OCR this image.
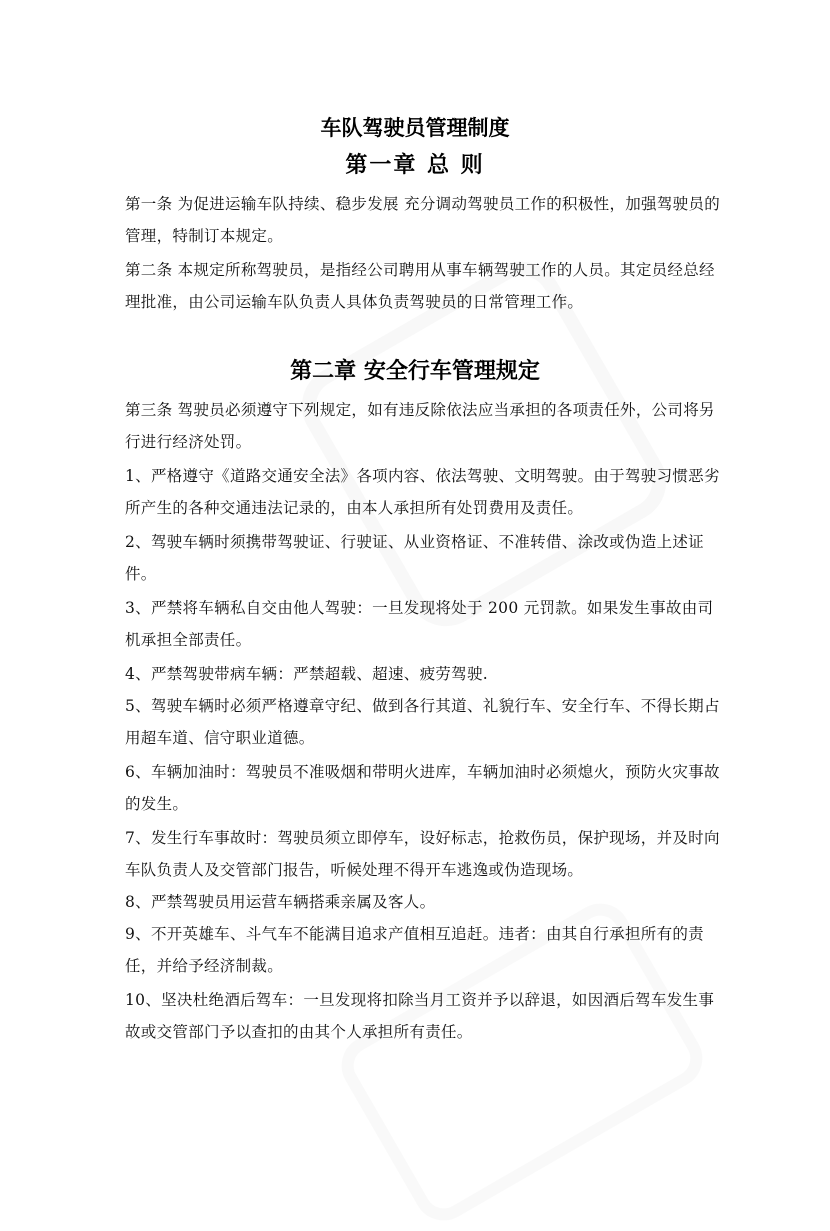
车队驾驶员管理制度
第一章 总 则

第一条 为促进运输车队持续、稳步发展 充分调动驾驶员工作的积极性，加强驾驶员的管理，特制订本规定。

第二条 本规定所称驾驶员，是指经公司聘用从事车辆驾驶工作的人员。其定员经总经理批准，由公司运输车队负责人具体负责驾驶员的日常管理工作。

第二章 安全行车管理规定

第三条 驾驶员必须遵守下列规定，如有违反除依法应当承担的各项责任外，公司将另行进行经济处罚。

1、严格遵守《道路交通安全法》各项内容、依法驾驶、文明驾驶。由于驾驶习惯恶劣所产生的各种交通违法记录的，由本人承担所有处罚费用及责任。

2、驾驶车辆时须携带驾驶证、行驶证、从业资格证、不准转借、涂改或伪造上述证件。

3、严禁将车辆私自交由他人驾驶：一旦发现将处于 200 元罚款。如果发生事故由司机承担全部责任。

4、严禁驾驶带病车辆：严禁超载、超速、疲劳驾驶.

5、驾驶车辆时必须严格遵章守纪、做到各行其道、礼貌行车、安全行车、不得长期占用超车道、信守职业道德。

6、车辆加油时：驾驶员不准吸烟和带明火进库，车辆加油时必须熄火，预防火灾事故的发生。

7、发生行车事故时：驾驶员须立即停车，设好标志，抢救伤员，保护现场，并及时向车队负责人及交管部门报告，听候处理不得开车逃逸或伪造现场。

8、严禁驾驶员用运营车辆搭乘亲属及客人。

9、不开英雄车、斗气车不能满目追求产值相互追赶。违者：由其自行承担所有的责任，并给予经济制裁。

10、坚决杜绝酒后驾车：一旦发现将扣除当月工资并予以辞退，如因酒后驾车发生事故或交管部门予以查扣的由其个人承担所有责任。
